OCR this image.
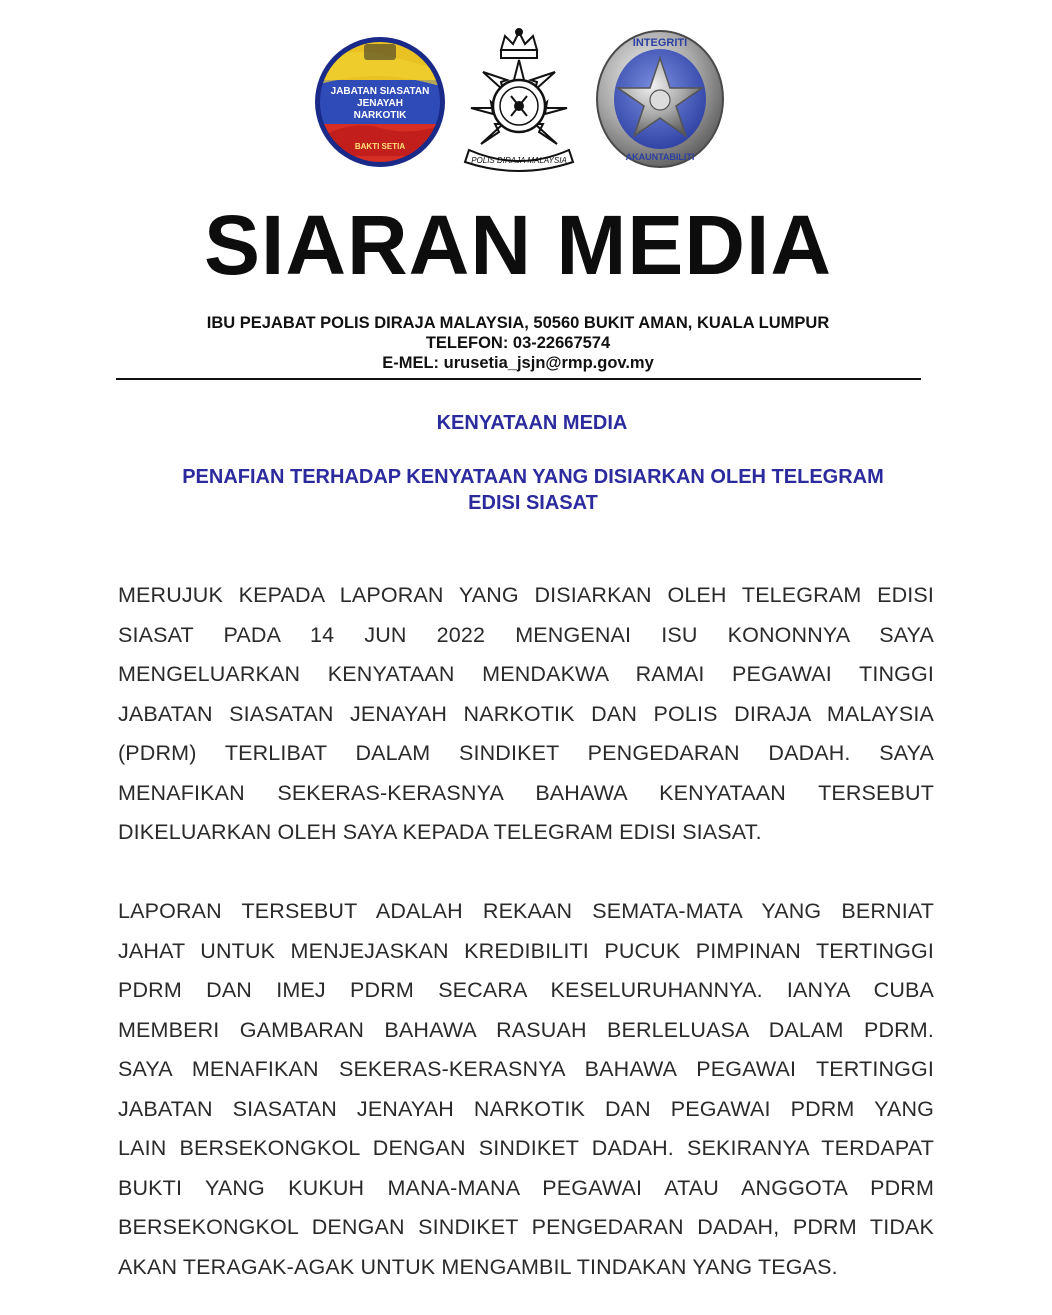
JABATAN SIASATAN
JENAYAH
NARKOTIK
BAKTI SETIA
POLIS DIRAJA MALAYSIA
INTEGRITI
AKAUNTABILITI
SIARAN MEDIA
IBU PEJABAT POLIS DIRAJA MALAYSIA, 50560 BUKIT AMAN, KUALA LUMPUR
TELEFON: 03-22667574
E-MEL: urusetia_jsjn@rmp.gov.my
KENYATAAN MEDIA
PENAFIAN TERHADAP KENYATAAN YANG DISIARKAN OLEH TELEGRAM
EDISI SIASAT
MERUJUK KEPADA LAPORAN YANG DISIARKAN OLEH TELEGRAM EDISI
SIASAT PADA 14 JUN 2022 MENGENAI ISU KONONNYA SAYA
MENGELUARKAN KENYATAAN MENDAKWA RAMAI PEGAWAI TINGGI
JABATAN SIASATAN JENAYAH NARKOTIK DAN POLIS DIRAJA MALAYSIA
(PDRM) TERLIBAT DALAM SINDIKET PENGEDARAN DADAH. SAYA
MENAFIKAN SEKERAS-KERASNYA BAHAWA KENYATAAN TERSEBUT
DIKELUARKAN OLEH SAYA KEPADA TELEGRAM EDISI SIASAT.
LAPORAN TERSEBUT ADALAH REKAAN SEMATA-MATA YANG BERNIAT
JAHAT UNTUK MENJEJASKAN KREDIBILITI PUCUK PIMPINAN TERTINGGI
PDRM DAN IMEJ PDRM SECARA KESELURUHANNYA. IANYA CUBA
MEMBERI GAMBARAN BAHAWA RASUAH BERLELUASA DALAM PDRM.
SAYA MENAFIKAN SEKERAS-KERASNYA BAHAWA PEGAWAI TERTINGGI
JABATAN SIASATAN JENAYAH NARKOTIK DAN PEGAWAI PDRM YANG
LAIN BERSEKONGKOL DENGAN SINDIKET DADAH. SEKIRANYA TERDAPAT
BUKTI YANG KUKUH MANA-MANA PEGAWAI ATAU ANGGOTA PDRM
BERSEKONGKOL DENGAN SINDIKET PENGEDARAN DADAH, PDRM TIDAK
AKAN TERAGAK-AGAK UNTUK MENGAMBIL TINDAKAN YANG TEGAS.
